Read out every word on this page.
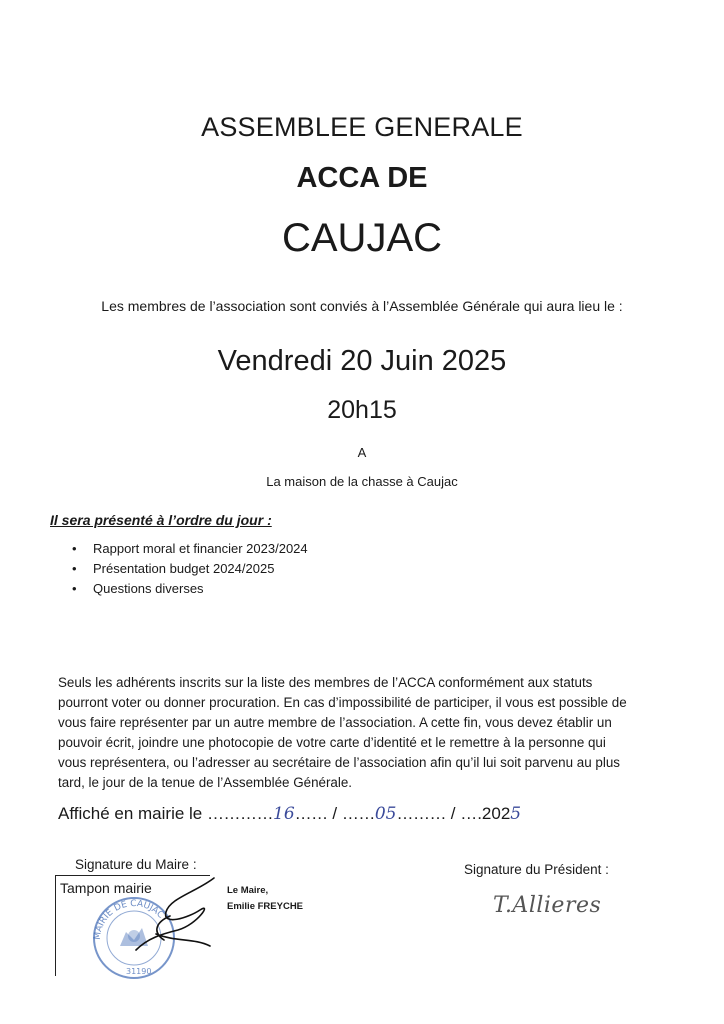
ASSEMBLEE GENERALE
ACCA DE
CAUJAC
Les membres de l’association sont conviés à l’Assemblée Générale qui aura lieu le :
Vendredi 20 Juin 2025
20h15
A
La maison de la chasse à Caujac
Il sera présenté à l’ordre du jour :
• Rapport moral et financier 2023/2024
• Présentation budget 2024/2025
• Questions diverses
Seuls les adhérents inscrits sur la liste des membres de l’ACCA conformément aux statuts
pourront voter ou donner procuration. En cas d’impossibilité de participer, il vous est possible de
vous faire représenter par un autre membre de l’association. A cette fin, vous devez établir un
pouvoir écrit, joindre une photocopie de votre carte d’identité et le remettre à la personne qui
vous représentera, ou l’adresser au secrétaire de l’association afin qu’il lui soit parvenu au plus
tard, le jour de la tenue de l’Assemblée Générale.
Affiché en mairie le …………16…… / ……05……… / ….2025
Signature du Maire :	Signature du Président :
Tampon mairie
MAIRIE DE CAUJAC
31190
Le Maire,
Emilie FREYCHE	T.Allieres
